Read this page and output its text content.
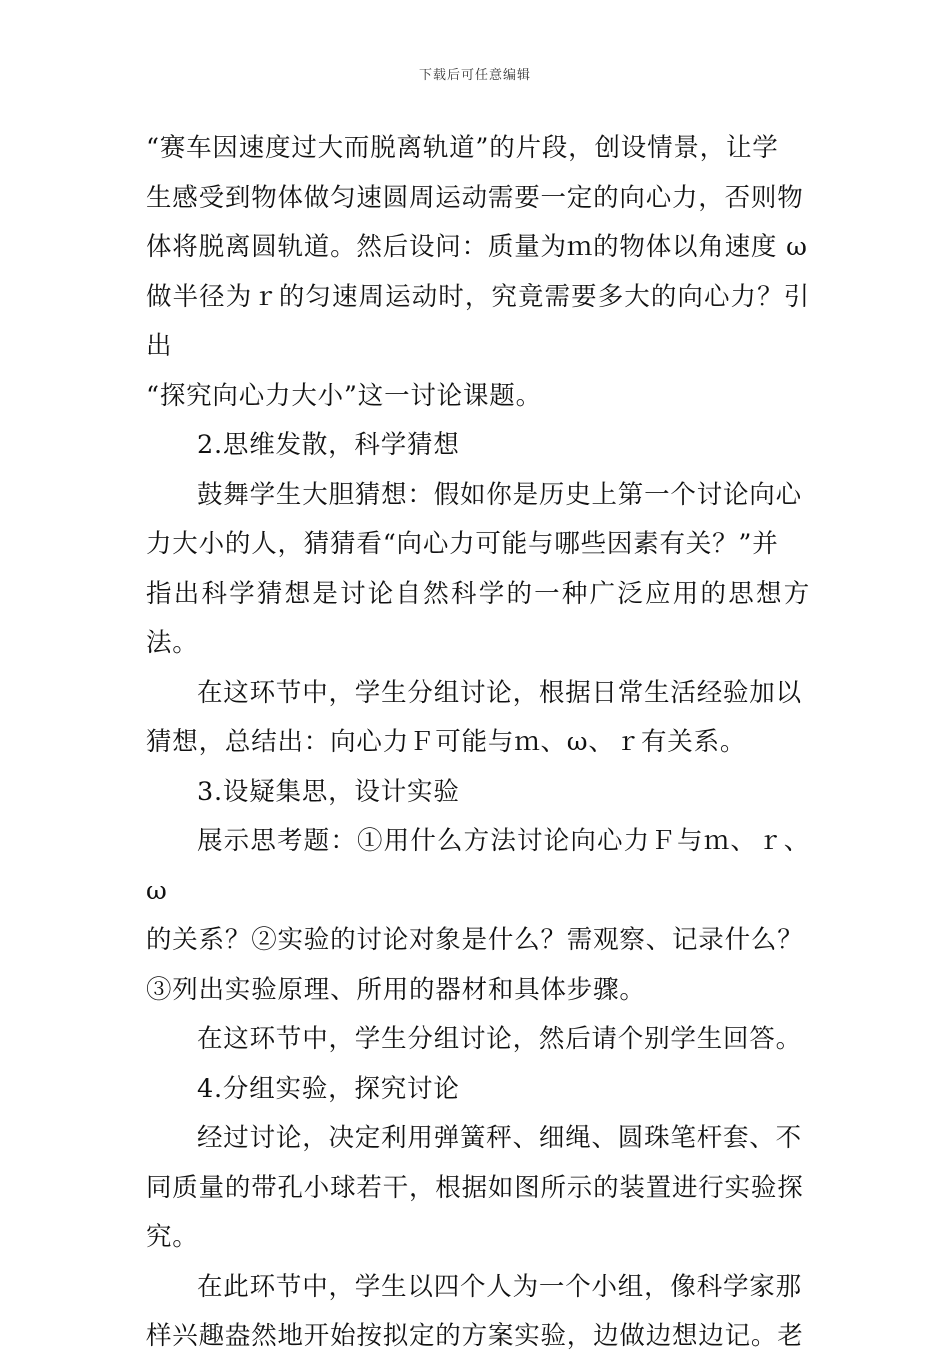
下载后可任意编辑

“赛车因速度过大而脱离轨道”的片段，创设情景，让学
生感受到物体做匀速圆周运动需要一定的向心力，否则物
体将脱离圆轨道。然后设问：质量为ｍ的物体以角速度 ω
做半径为ｒ的匀速周运动时，究竟需要多大的向心力？引出
“探究向心力大小”这一讨论课题。

2.思维发散，科学猜想

鼓舞学生大胆猜想：假如你是历史上第一个讨论向心
力大小的人，猜猜看“向心力可能与哪些因素有关？”并
指出科学猜想是讨论自然科学的一种广泛应用的思想方法。

在这环节中，学生分组讨论，根据日常生活经验加以
猜想，总结出：向心力Ｆ可能与ｍ、ω、ｒ有关系。

3.设疑集思，设计实验

展示思考题：①用什么方法讨论向心力Ｆ与ｍ、ｒ、ω
的关系？②实验的讨论对象是什么？需观察、记录什么？
③列出实验原理、所用的器材和具体步骤。

在这环节中，学生分组讨论，然后请个别学生回答。

4.分组实验，探究讨论

经过讨论，决定利用弹簧秤、细绳、圆珠笔杆套、不
同质量的带孔小球若干，根据如图所示的装置进行实验探
究。

在此环节中，学生以四个人为一个小组，像科学家那
样兴趣盎然地开始按拟定的方案实验，边做边想边记。老
